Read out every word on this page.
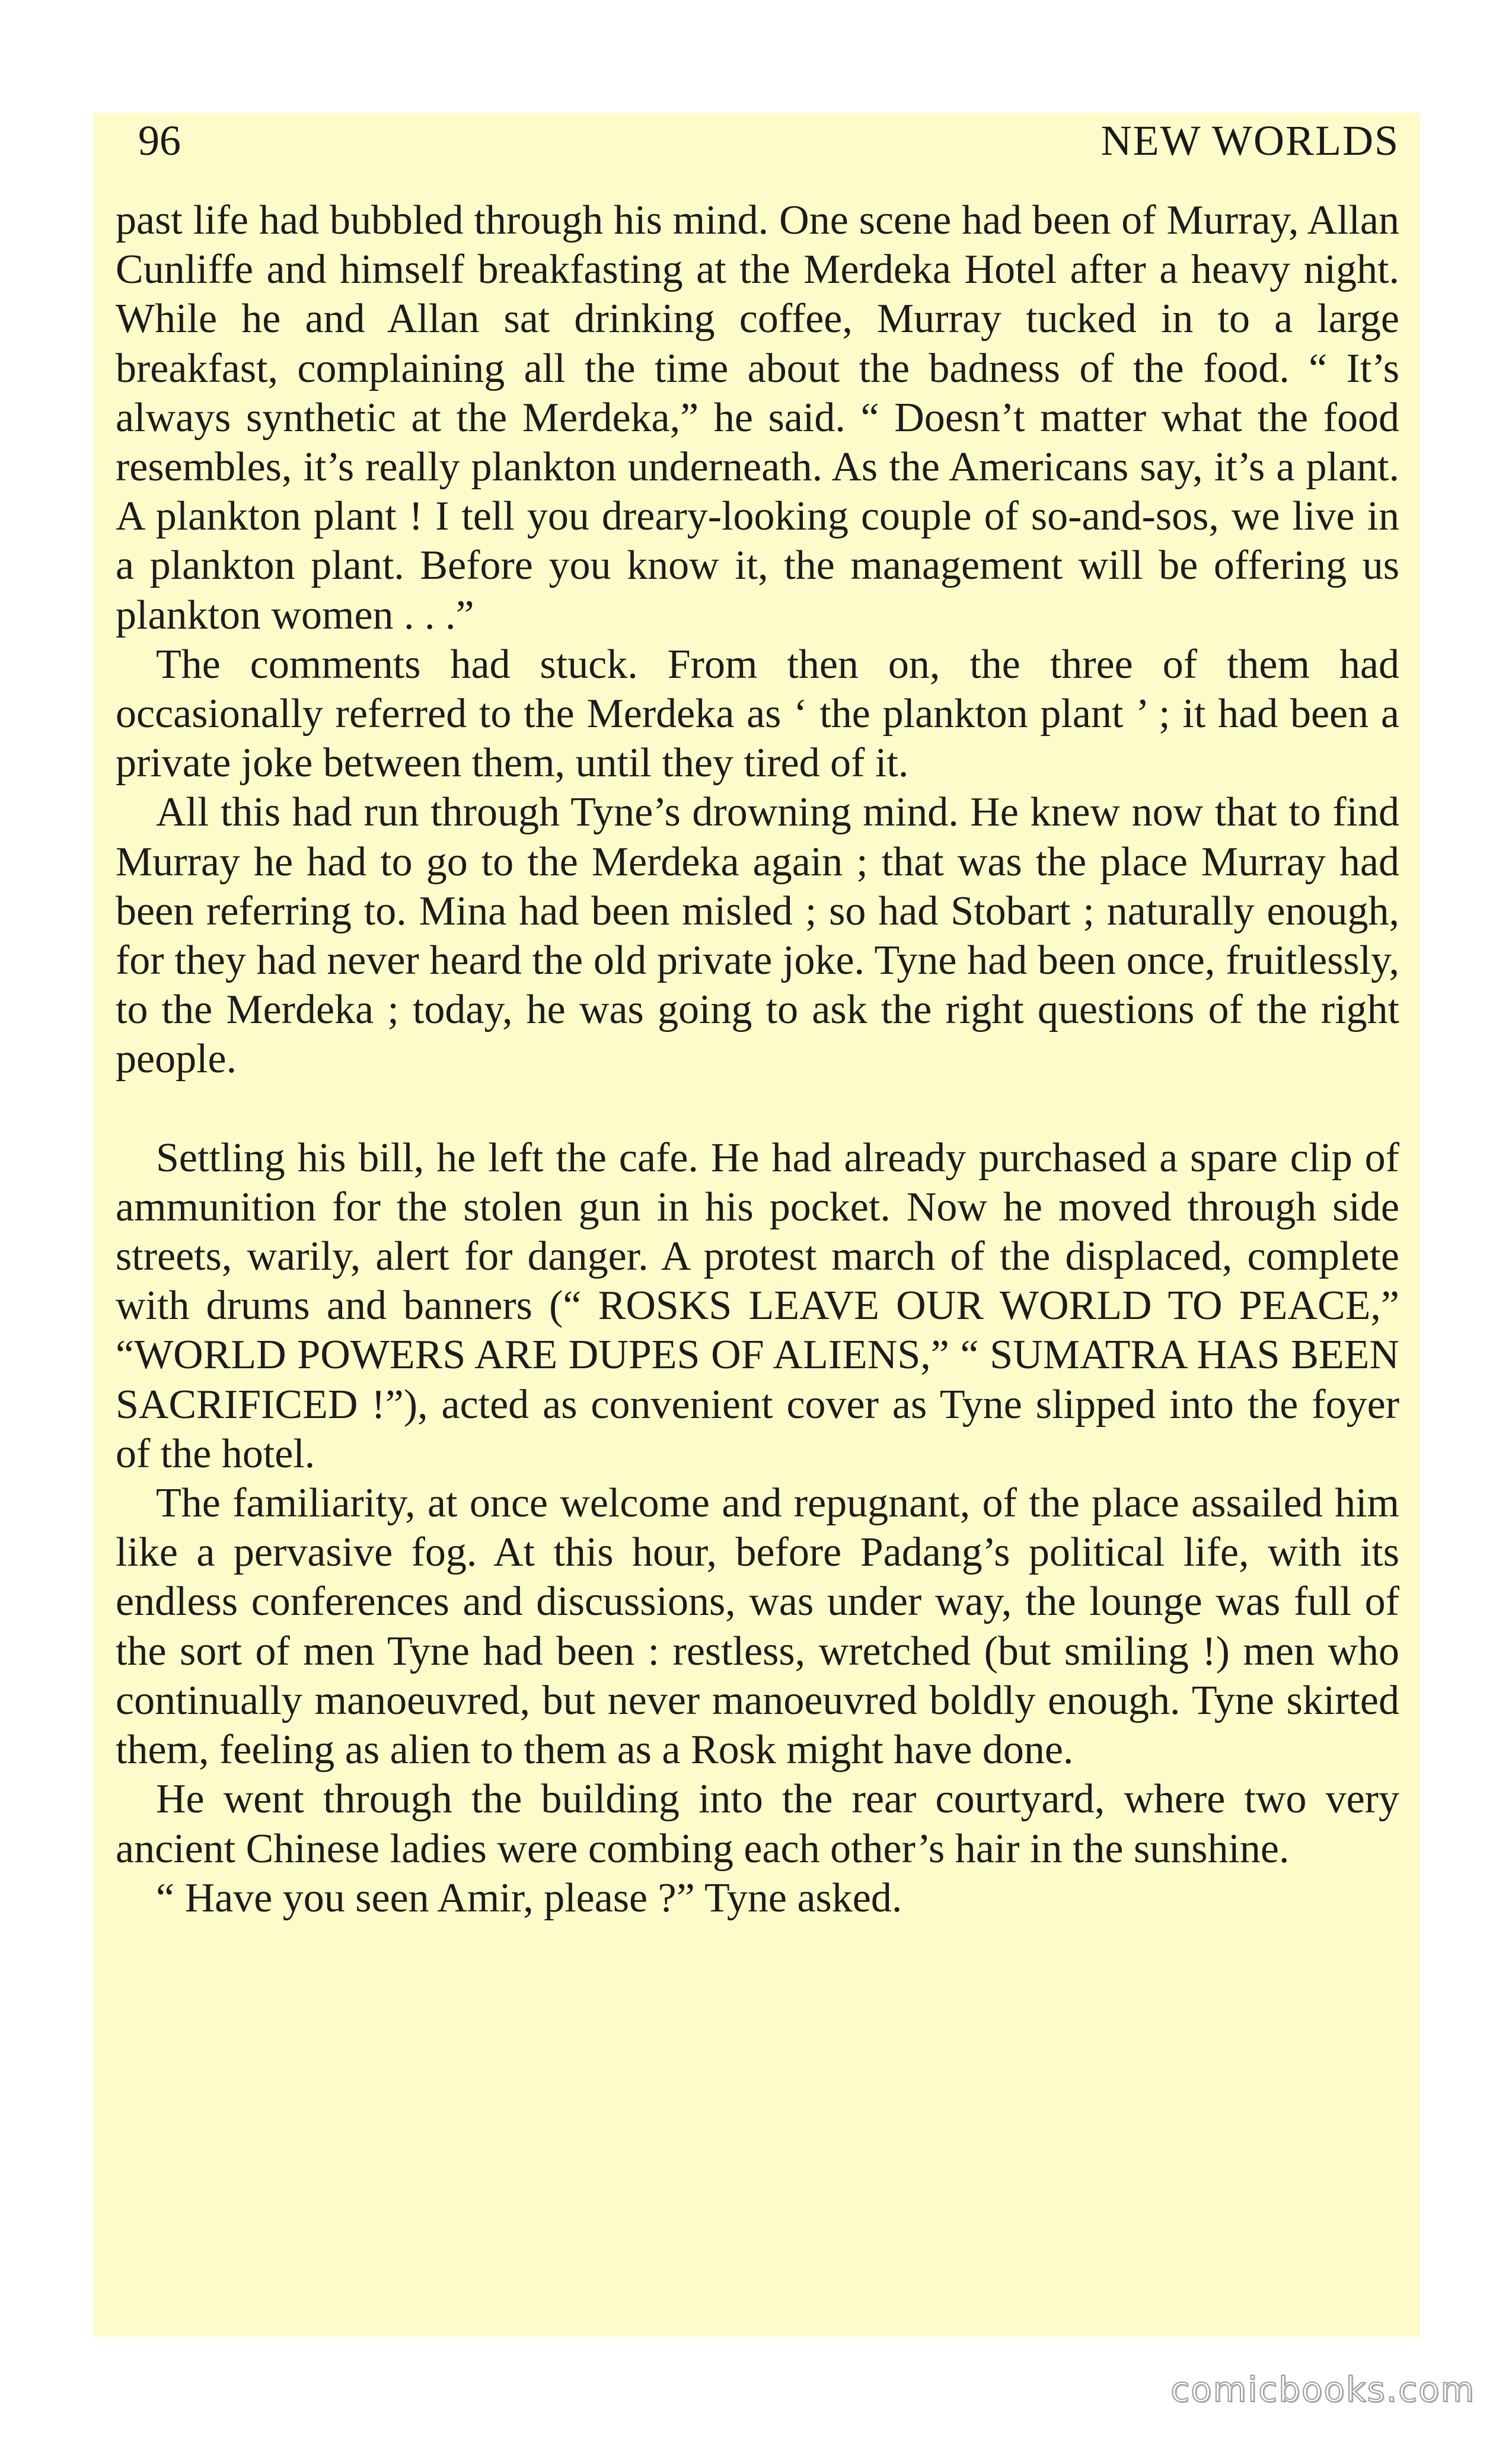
96	NEW WORLDS

past life had bubbled through his mind. One scene had been of Murray, Allan Cunliffe and himself breakfasting at the Merdeka Hotel after a heavy night. While he and Allan sat drinking coffee, Murray tucked in to a large breakfast, complaining all the time about the badness of the food. “ It’s always synthetic at the Merdeka,” he said. “ Doesn’t matter what the food resembles, it’s really plankton underneath. As the Americans say, it’s a plant. A plankton plant ! I tell you dreary-looking couple of so-and-sos, we live in a plankton plant. Before you know it, the management will be offering us plankton women . . .”

The comments had stuck. From then on, the three of them had occasionally referred to the Merdeka as ‘ the plankton plant ’ ; it had been a private joke between them, until they tired of it.

All this had run through Tyne’s drowning mind. He knew now that to find Murray he had to go to the Merdeka again ; that was the place Murray had been referring to. Mina had been misled ; so had Stobart ; naturally enough, for they had never heard the old private joke. Tyne had been once, fruitlessly, to the Merdeka ; today, he was going to ask the right questions of the right people.

Settling his bill, he left the cafe. He had already purchased a spare clip of ammunition for the stolen gun in his pocket. Now he moved through side streets, warily, alert for danger. A protest march of the displaced, complete with drums and banners (“ ROSKS LEAVE OUR WORLD TO PEACE,” “WORLD POWERS ARE DUPES OF ALIENS,” “ SUMATRA HAS BEEN SACRIFICED !”), acted as convenient cover as Tyne slipped into the foyer of the hotel.

The familiarity, at once welcome and repugnant, of the place assailed him like a pervasive fog. At this hour, before Padang’s political life, with its endless conferences and discussions, was under way, the lounge was full of the sort of men Tyne had been : restless, wretched (but smiling !) men who continually manoeuvred, but never manoeuvred boldly enough. Tyne skirted them, feeling as alien to them as a Rosk might have done.

He went through the building into the rear courtyard, where two very ancient Chinese ladies were combing each other’s hair in the sunshine.

“ Have you seen Amir, please ?” Tyne asked.

comicbooks.com
